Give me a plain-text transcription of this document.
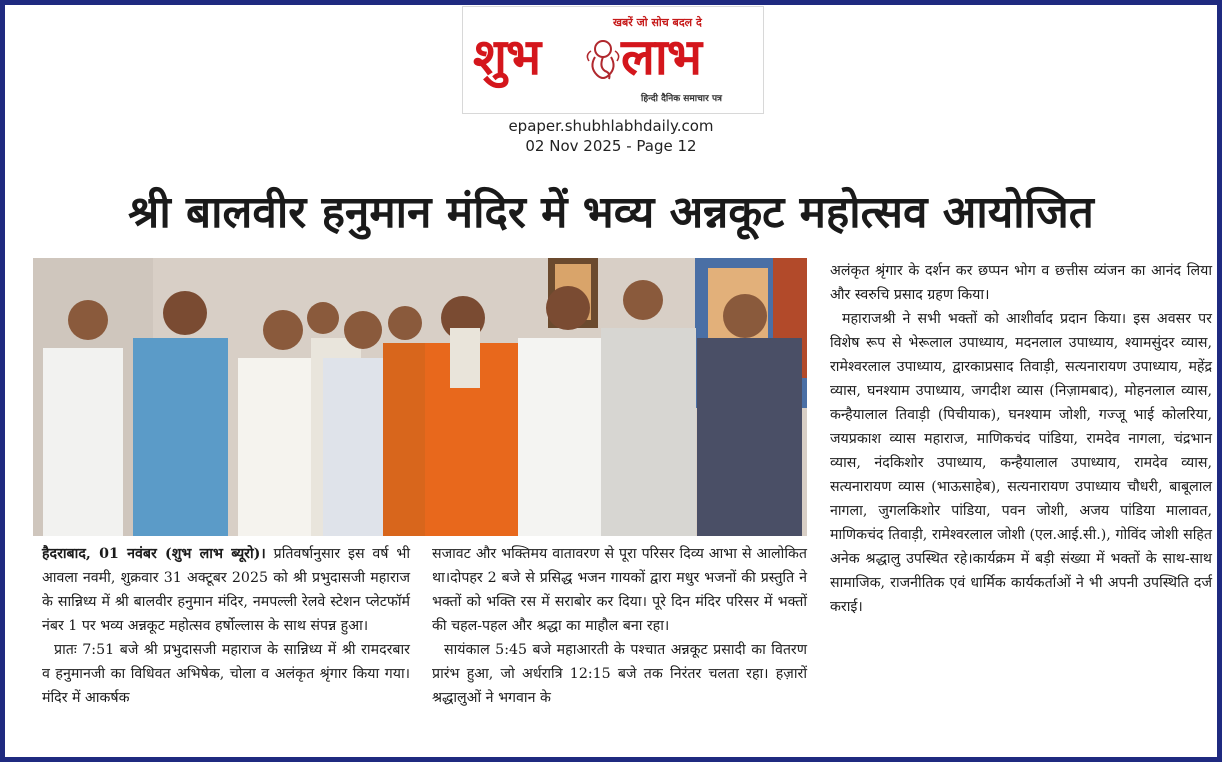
खबरें जो सोच बदल दे
शुभ लाभ
हिन्दी दैनिक समाचार पत्र
epaper.shubhlabhdaily.com
02 Nov 2025 - Page 12
श्री बालवीर हनुमान मंदिर में भव्य अन्नकूट महोत्सव आयोजित

हैदराबाद, 01 नवंबर (शुभ लाभ ब्यूरो)। प्रतिवर्षानुसार इस वर्ष भी आवला नवमी, शुक्रवार 31 अक्टूबर 2025 को श्री प्रभुदासजी महाराज के सान्निध्य में श्री बालवीर हनुमान मंदिर, नमपल्ली रेलवे स्टेशन प्लेटफॉर्म नंबर 1 पर भव्य अन्नकूट महोत्सव हर्षोल्लास के साथ संपन्न हुआ।

प्रातः 7:51 बजे श्री प्रभुदासजी महाराज के सान्निध्य में श्री रामदरबार व हनुमानजी का विधिवत अभिषेक, चोला व अलंकृत श्रृंगार किया गया। मंदिर में आकर्षक

सजावट और भक्तिमय वातावरण से पूरा परिसर दिव्य आभा से आलोकित था।दोपहर 2 बजे से प्रसिद्ध भजन गायकों द्वारा मधुर भजनों की प्रस्तुति ने भक्तों को भक्ति रस में सराबोर कर दिया। पूरे दिन मंदिर परिसर में भक्तों की चहल-पहल और श्रद्धा का माहौल बना रहा।

सायंकाल 5:45 बजे महाआरती के पश्चात अन्नकूट प्रसादी का वितरण प्रारंभ हुआ, जो अर्धरात्रि 12:15 बजे तक निरंतर चलता रहा। हज़ारों श्रद्धालुओं ने भगवान के

अलंकृत श्रृंगार के दर्शन कर छप्पन भोग व छत्तीस व्यंजन का आनंद लिया और स्वरुचि प्रसाद ग्रहण किया।

महाराजश्री ने सभी भक्तों को आशीर्वाद प्रदान किया। इस अवसर पर विशेष रूप से भेरूलाल उपाध्याय, मदनलाल उपाध्याय, श्यामसुंदर व्यास, रामेश्वरलाल उपाध्याय, द्वारकाप्रसाद तिवाड़ी, सत्यनारायण उपाध्याय, महेंद्र व्यास, घनश्याम उपाध्याय, जगदीश व्यास (निज़ामबाद), मोहनलाल व्यास, कन्हैयालाल तिवाड़ी (पिचीयाक), घनश्याम जोशी, गज्जू भाई कोलरिया, जयप्रकाश व्यास महाराज, माणिकचंद पांडिया, रामदेव नागला, चंद्रभान व्यास, नंदकिशोर उपाध्याय, कन्हैयालाल उपाध्याय, रामदेव व्यास, सत्यनारायण व्यास (भाऊसाहेब), सत्यनारायण उपाध्याय चौधरी, बाबूलाल नागला, जुगलकिशोर पांडिया, पवन जोशी, अजय पांडिया मालावत, माणिकचंद तिवाड़ी, रामेश्वरलाल जोशी (एल.आई.सी.), गोविंद जोशी सहित अनेक श्रद्धालु उपस्थित रहे।कार्यक्रम में बड़ी संख्या में भक्तों के साथ-साथ सामाजिक, राजनीतिक एवं धार्मिक कार्यकर्ताओं ने भी अपनी उपस्थिति दर्ज कराई।
